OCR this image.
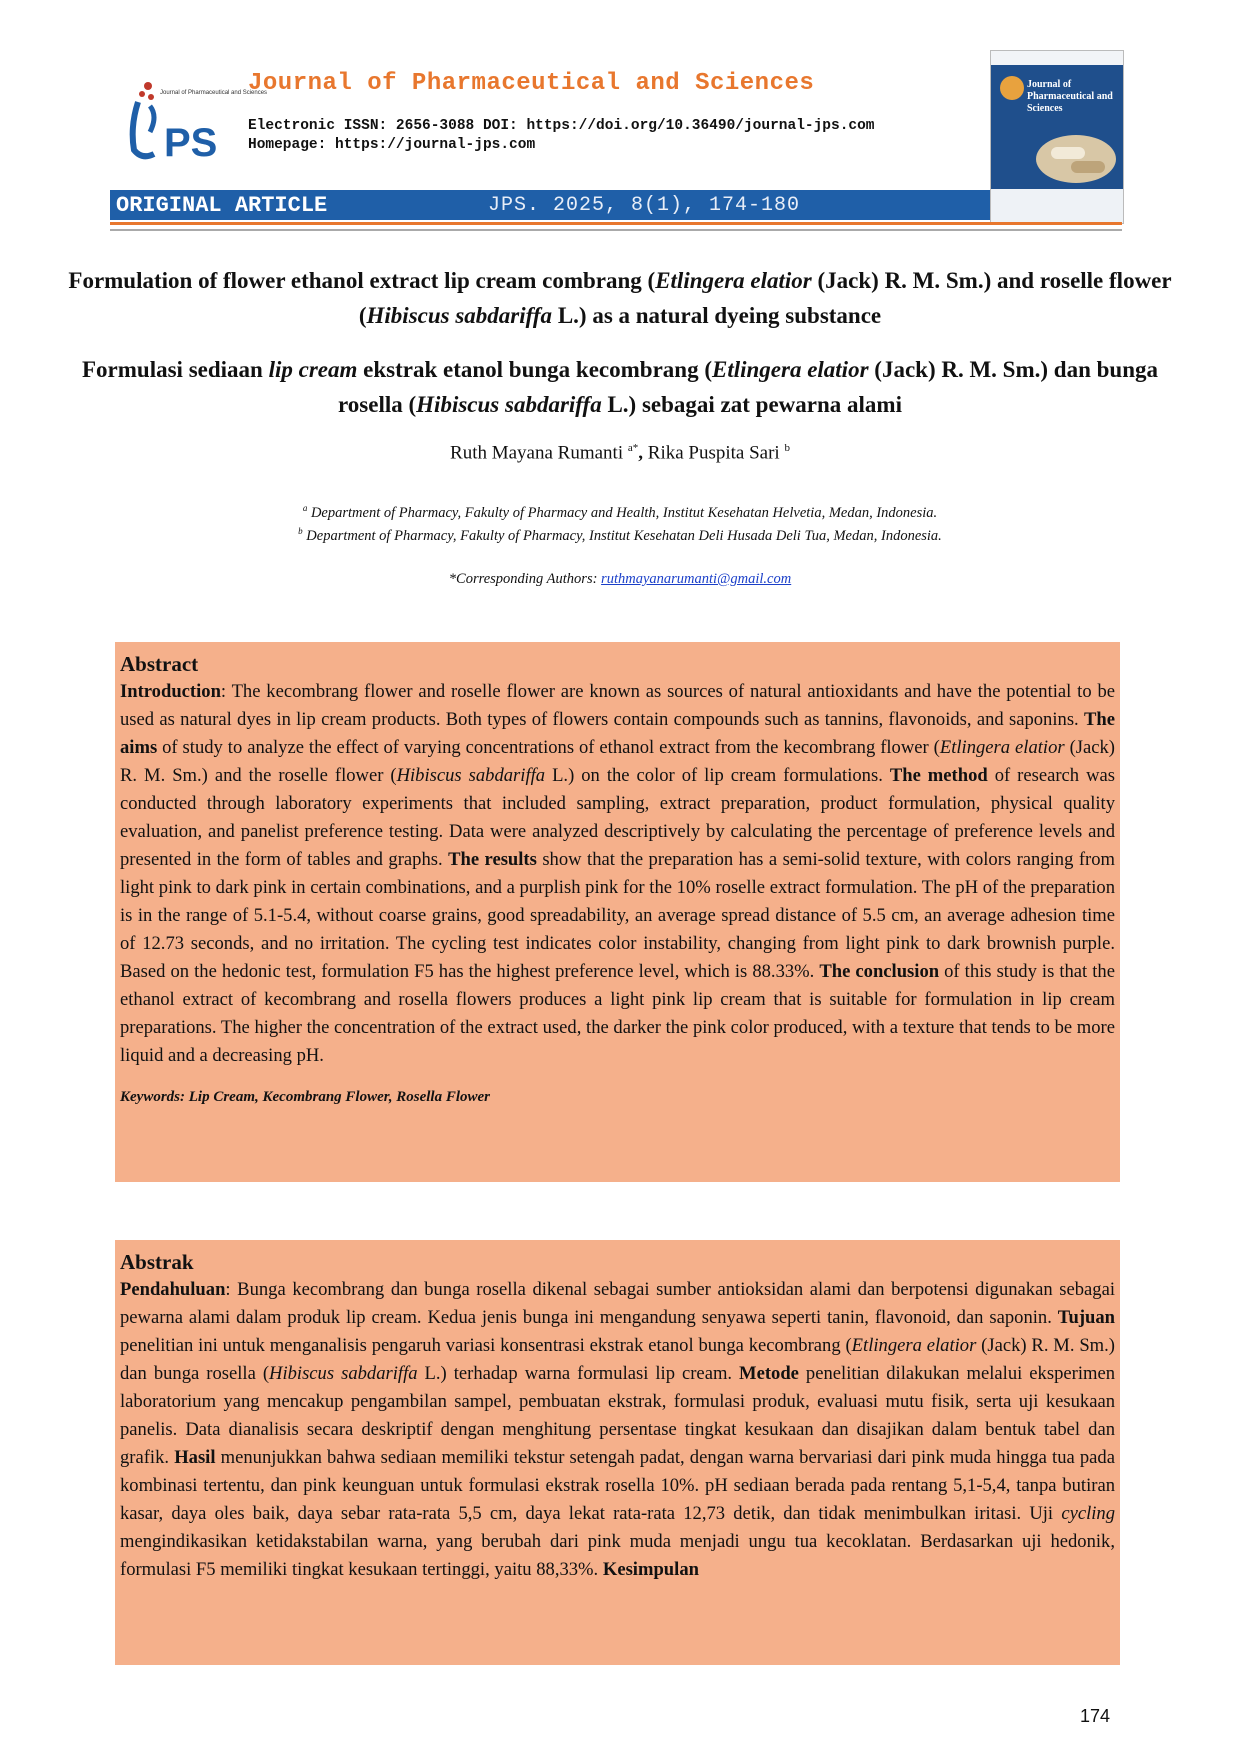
PS
Journal of Pharmaceutical and Sciences
Journal of Pharmaceutical and Sciences
Electronic ISSN: 2656-3088 DOI: https://doi.org/10.36490/journal-jps.com
Homepage: https://journal-jps.com
Journal of Pharmaceutical and Sciences
ORIGINAL ARTICLE	JPS. 2025, 8(1), 174-180
Formulation of flower ethanol extract lip cream combrang (Etlingera elatior (Jack) R. M. Sm.) and roselle flower (Hibiscus sabdariffa L.) as a natural dyeing substance
Formulasi sediaan lip cream ekstrak etanol bunga kecombrang (Etlingera elatior (Jack) R. M. Sm.) dan bunga rosella (Hibiscus sabdariffa L.) sebagai zat pewarna alami
Ruth Mayana Rumanti $^{a*}$, Rika Puspita Sari $^b$
$^a$ Department of Pharmacy, Fakulty of Pharmacy and Health, Institut Kesehatan Helvetia, Medan, Indonesia.
$^b$ Department of Pharmacy, Fakulty of Pharmacy, Institut Kesehatan Deli Husada Deli Tua, Medan, Indonesia.
*Corresponding Authors: ruthmayanarumanti@gmail.com

Abstract

Introduction: The kecombrang flower and roselle flower are known as sources of natural antioxidants and have the potential to be used as natural dyes in lip cream products. Both types of flowers contain compounds such as tannins, flavonoids, and saponins. The aims of study to analyze the effect of varying concentrations of ethanol extract from the kecombrang flower (Etlingera elatior (Jack) R. M. Sm.) and the roselle flower (Hibiscus sabdariffa L.) on the color of lip cream formulations. The method of research was conducted through laboratory experiments that included sampling, extract preparation, product formulation, physical quality evaluation, and panelist preference testing. Data were analyzed descriptively by calculating the percentage of preference levels and presented in the form of tables and graphs. The results show that the preparation has a semi-solid texture, with colors ranging from light pink to dark pink in certain combinations, and a purplish pink for the 10% roselle extract formulation. The pH of the preparation is in the range of 5.1-5.4, without coarse grains, good spreadability, an average spread distance of 5.5 cm, an average adhesion time of 12.73 seconds, and no irritation. The cycling test indicates color instability, changing from light pink to dark brownish purple. Based on the hedonic test, formulation F5 has the highest preference level, which is 88.33%. The conclusion of this study is that the ethanol extract of kecombrang and rosella flowers produces a light pink lip cream that is suitable for formulation in lip cream preparations. The higher the concentration of the extract used, the darker the pink color produced, with a texture that tends to be more liquid and a decreasing pH.

Keywords: Lip Cream, Kecombrang Flower, Rosella Flower

Abstrak

Pendahuluan: Bunga kecombrang dan bunga rosella dikenal sebagai sumber antioksidan alami dan berpotensi digunakan sebagai pewarna alami dalam produk lip cream. Kedua jenis bunga ini mengandung senyawa seperti tanin, flavonoid, dan saponin. Tujuan penelitian ini untuk menganalisis pengaruh variasi konsentrasi ekstrak etanol bunga kecombrang (Etlingera elatior (Jack) R. M. Sm.) dan bunga rosella (Hibiscus sabdariffa L.) terhadap warna formulasi lip cream. Metode penelitian dilakukan melalui eksperimen laboratorium yang mencakup pengambilan sampel, pembuatan ekstrak, formulasi produk, evaluasi mutu fisik, serta uji kesukaan panelis. Data dianalisis secara deskriptif dengan menghitung persentase tingkat kesukaan dan disajikan dalam bentuk tabel dan grafik. Hasil menunjukkan bahwa sediaan memiliki tekstur setengah padat, dengan warna bervariasi dari pink muda hingga tua pada kombinasi tertentu, dan pink keunguan untuk formulasi ekstrak rosella 10%. pH sediaan berada pada rentang 5,1-5,4, tanpa butiran kasar, daya oles baik, daya sebar rata-rata 5,5 cm, daya lekat rata-rata 12,73 detik, dan tidak menimbulkan iritasi. Uji cycling mengindikasikan ketidakstabilan warna, yang berubah dari pink muda menjadi ungu tua kecoklatan. Berdasarkan uji hedonik, formulasi F5 memiliki tingkat kesukaan tertinggi, yaitu 88,33%. Kesimpulan

174
